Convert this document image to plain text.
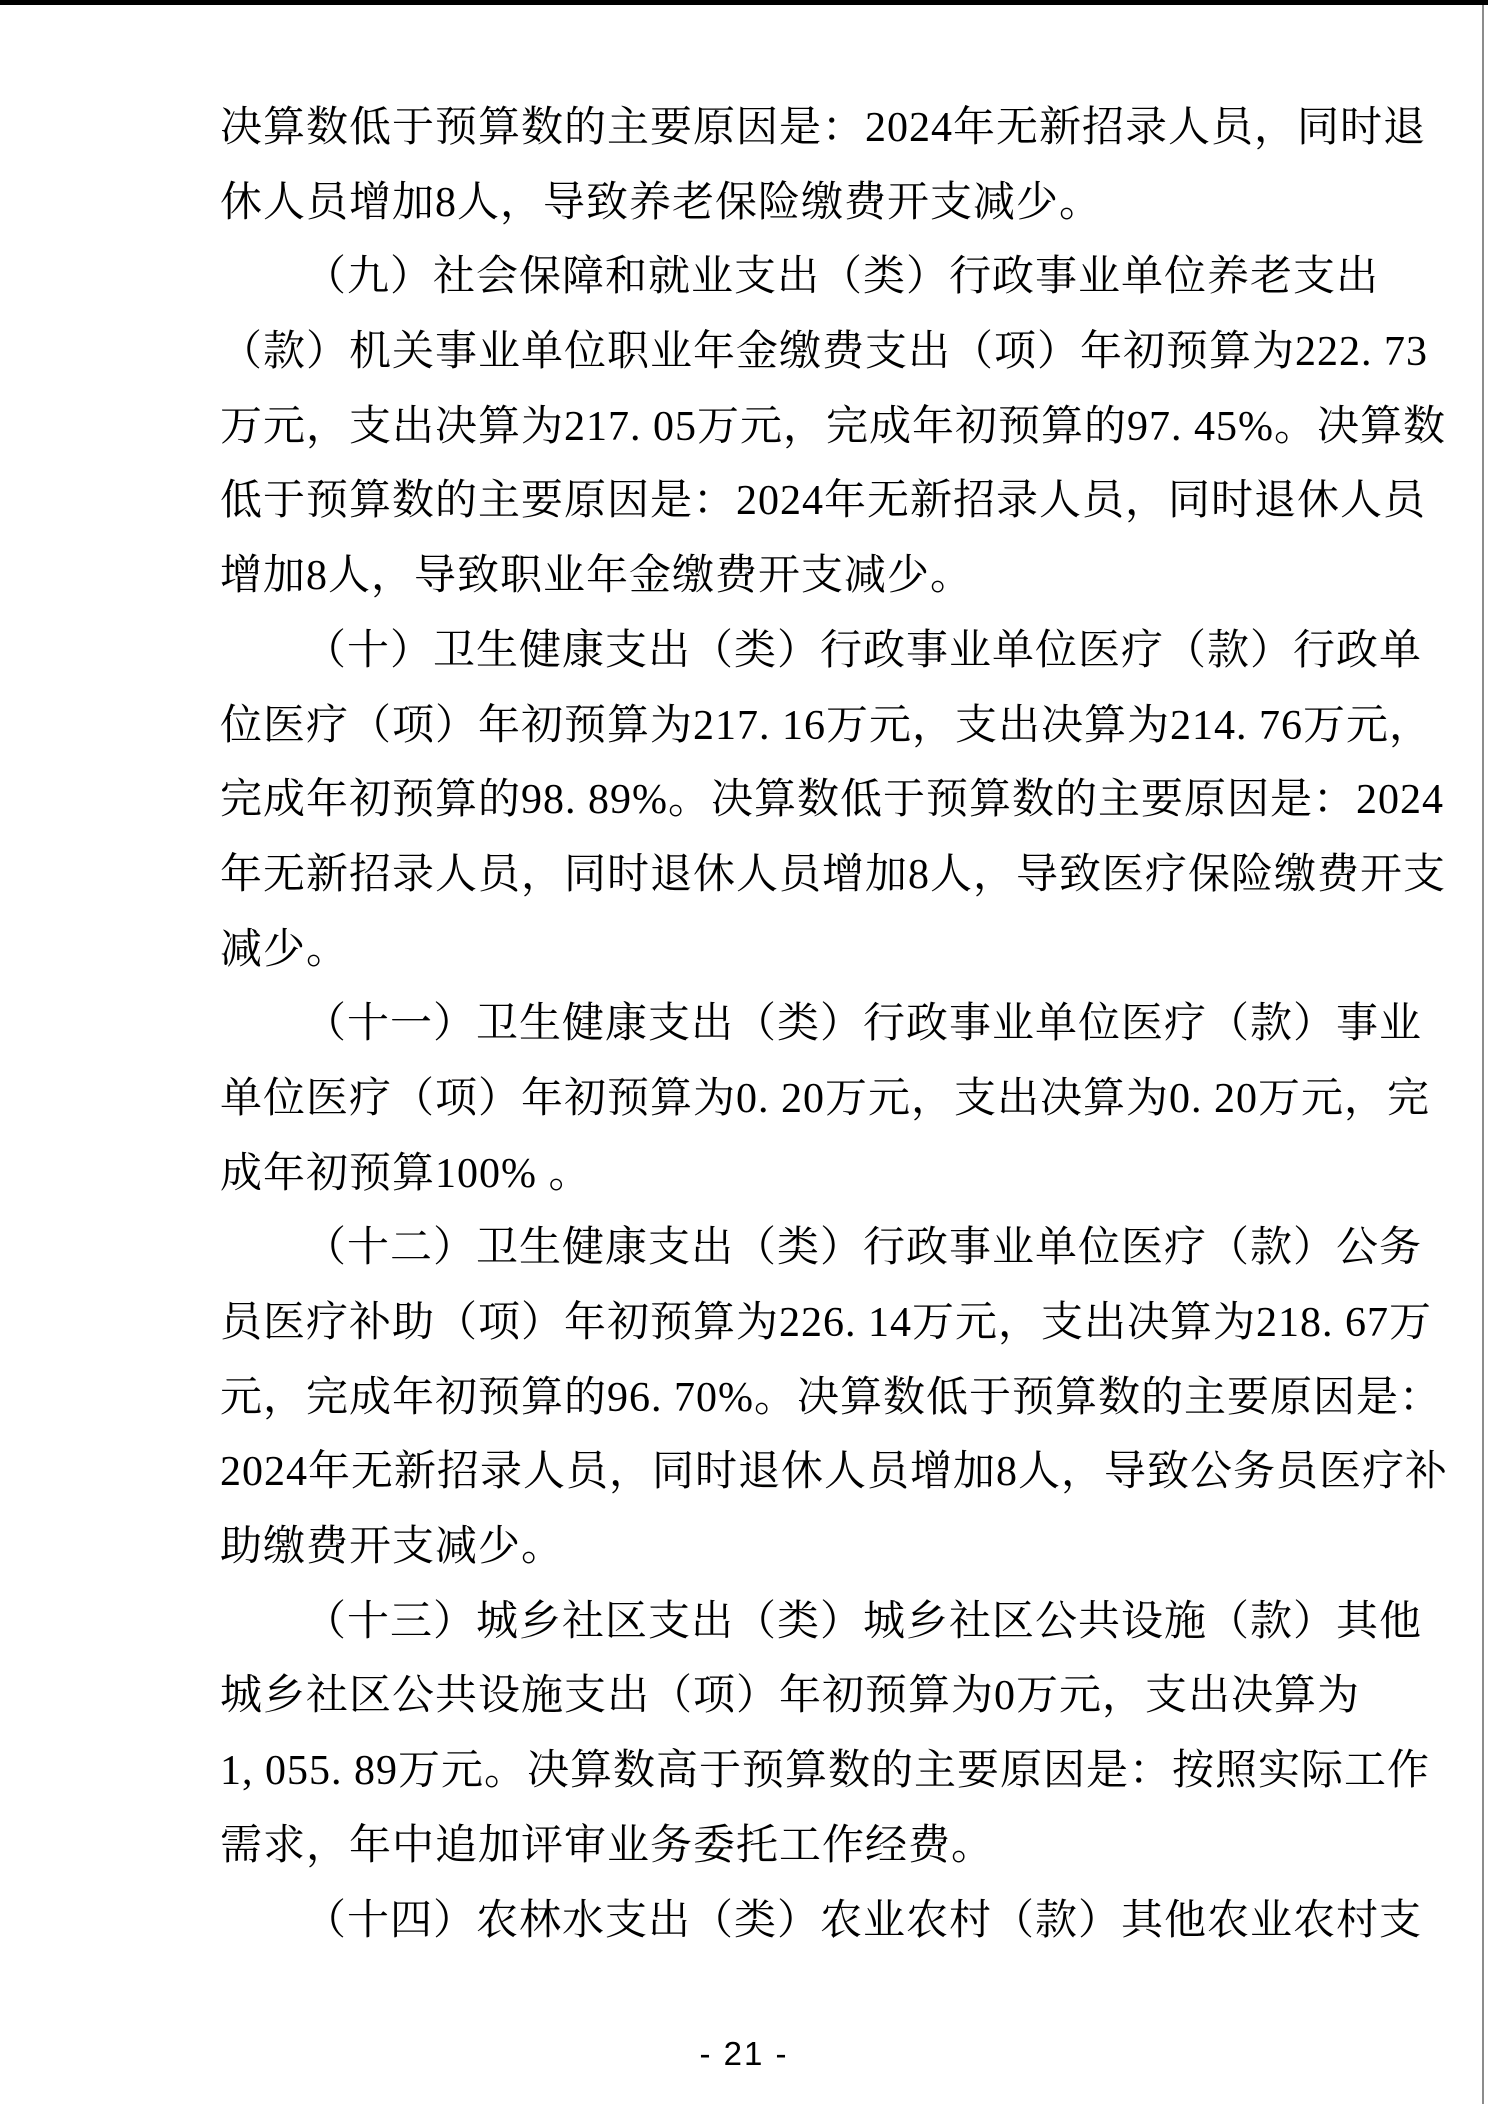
决算数低于预算数的主要原因是：2024年无新招录人员，同时退

休人员增加8人，导致养老保险缴费开支减少。

（九）社会保障和就业支出（类）行政事业单位养老支出

（款）机关事业单位职业年金缴费支出（项）年初预算为222. 73

万元，支出决算为217. 05万元，完成年初预算的97. 45%。决算数

低于预算数的主要原因是：2024年无新招录人员，同时退休人员

增加8人，导致职业年金缴费开支减少。

（十）卫生健康支出（类）行政事业单位医疗（款）行政单

位医疗（项）年初预算为217. 16万元，支出决算为214. 76万元，

完成年初预算的98. 89%。决算数低于预算数的主要原因是：2024

年无新招录人员，同时退休人员增加8人，导致医疗保险缴费开支

减少。

（十一）卫生健康支出（类）行政事业单位医疗（款）事业

单位医疗（项）年初预算为0. 20万元，支出决算为0. 20万元，完

成年初预算100% 。

（十二）卫生健康支出（类）行政事业单位医疗（款）公务

员医疗补助（项）年初预算为226. 14万元，支出决算为218. 67万

元，完成年初预算的96. 70%。决算数低于预算数的主要原因是：

2024年无新招录人员，同时退休人员增加8人，导致公务员医疗补

助缴费开支减少。

（十三）城乡社区支出（类）城乡社区公共设施（款）其他

城乡社区公共设施支出（项）年初预算为0万元，支出决算为

1, 055. 89万元。决算数高于预算数的主要原因是：按照实际工作

需求，年中追加评审业务委托工作经费。

（十四）农林水支出（类）农业农村（款）其他农业农村支

- 21 -
